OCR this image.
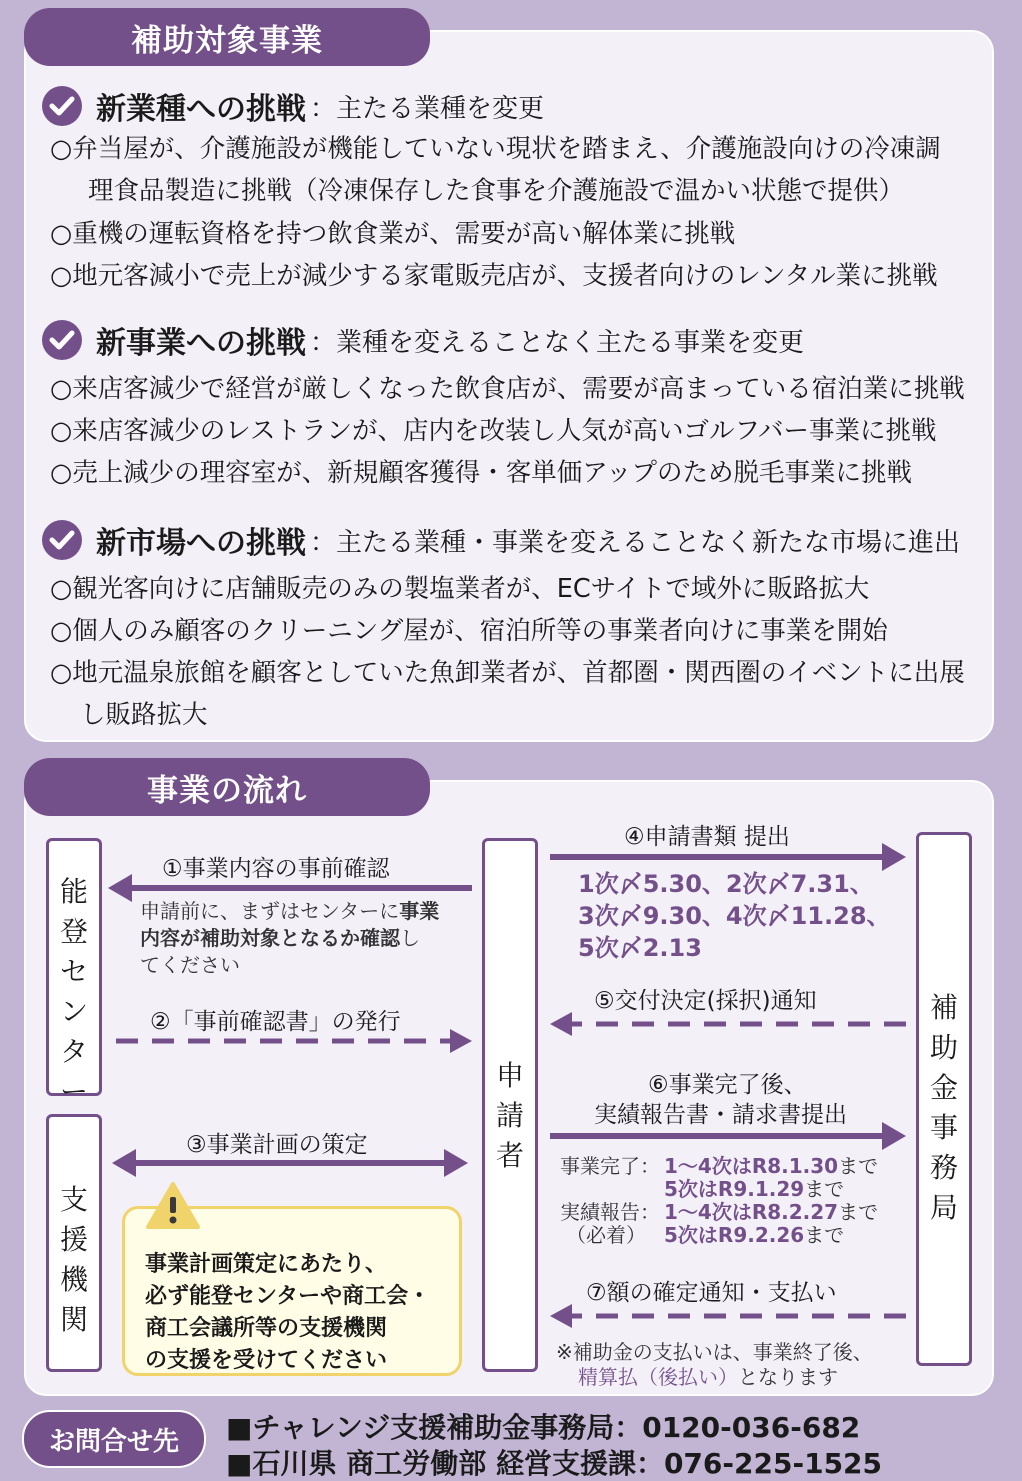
補助対象事業
新業種への挑戦 ：主たる業種を変更
○弁当屋が、介護施設が機能していない現状を踏まえ、介護施設向けの冷凍調
理食品製造に挑戦（冷凍保存した食事を介護施設で温かい状態で提供）
○重機の運転資格を持つ飲食業が、需要が高い解体業に挑戦
○地元客減小で売上が減少する家電販売店が、支援者向けのレンタル業に挑戦
新事業への挑戦 ：業種を変えることなく主たる事業を変更
○来店客減少で経営が厳しくなった飲食店が、需要が高まっている宿泊業に挑戦
○来店客減少のレストランが、店内を改装し人気が高いゴルフバー事業に挑戦
○売上減少の理容室が、新規顧客獲得・客単価アップのため脱毛事業に挑戦
新市場への挑戦 ：主たる業種・事業を変えることなく新たな市場に進出
○観光客向けに店舗販売のみの製塩業者が、ECサイトで域外に販路拡大
○個人のみ顧客のクリーニング屋が、宿泊所等の事業者向けに事業を開始
○地元温泉旅館を顧客としていた魚卸業者が、首都圏・関西圏のイベントに出展
し販路拡大
事業の流れ
能登センター
支援機関
申請者
補助金事務局
①事業内容の事前確認
申請前に、まずはセンターに事業
内容が補助対象となるか確認し
てください
②「事前確認書」の発行
③事業計画の策定
事業計画策定にあたり、
必ず能登センターや商工会・
商工会議所等の支援機関
の支援を受けてください
④申請書類 提出
1次〆5.30、2次〆7.31、
3次〆9.30、4次〆11.28、
5次〆2.13
⑤交付決定(採択)通知
⑥事業完了後、
実績報告書・請求書提出
事業完了： 1～4次はR8.1.30まで
5次はR9.1.29まで
実績報告：
（必着）
1～4次はR8.2.27まで
5次はR9.2.26まで
⑦額の確定通知・支払い
※補助金の支払いは、事業終了後、
精算払（後払い）となります
お問合せ先	■チャレンジ支援補助金事務局：0120-036-682
■石川県 商工労働部 経営支援課：076-225-1525
